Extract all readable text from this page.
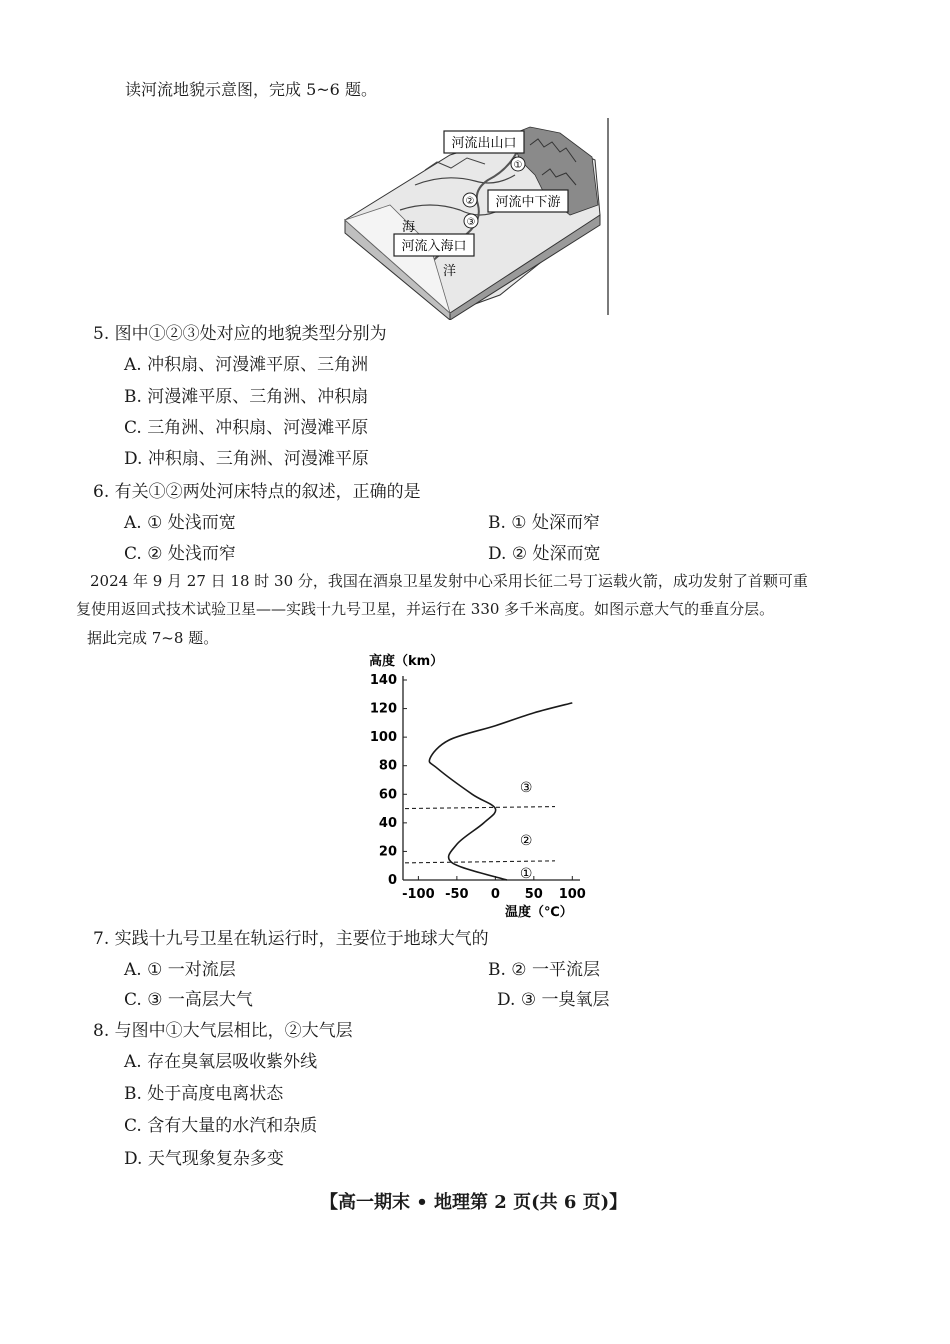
读河流地貌示意图，完成 5~6 题。
①
②
③
河流出山口
河流中下游
河流入海口
海
洋
5. 图中①②③处对应的地貌类型分别为
A. 冲积扇、河漫滩平原、三角洲
B. 河漫滩平原、三角洲、冲积扇
C. 三角洲、冲积扇、河漫滩平原
D. 冲积扇、三角洲、河漫滩平原
6. 有关①②两处河床特点的叙述，正确的是
A. ① 处浅而宽	B. ① 处深而窄
C. ② 处浅而窄	D. ② 处深而宽
2024 年 9 月 27 日 18 时 30 分，我国在酒泉卫星发射中心采用长征二号丁运载火箭，成功发射了首颗可重
复使用返回式技术试验卫星——实践十九号卫星，并运行在 330 多千米高度。如图示意大气的垂直分层。
据此完成 7~8 题。
高度（km）
温度（℃）
0
20
40
60
80
100
120
140
-100 -50 0 50 100
①
②
③
7. 实践十九号卫星在轨运行时，主要位于地球大气的
A. ① 一对流层	B. ② 一平流层
C. ③ 一高层大气	D. ③ 一臭氧层
8. 与图中①大气层相比，②大气层
A. 存在臭氧层吸收紫外线
B. 处于高度电离状态
C. 含有大量的水汽和杂质
D. 天气现象复杂多变
【高一期末 • 地理第 2 页(共 6 页)】
